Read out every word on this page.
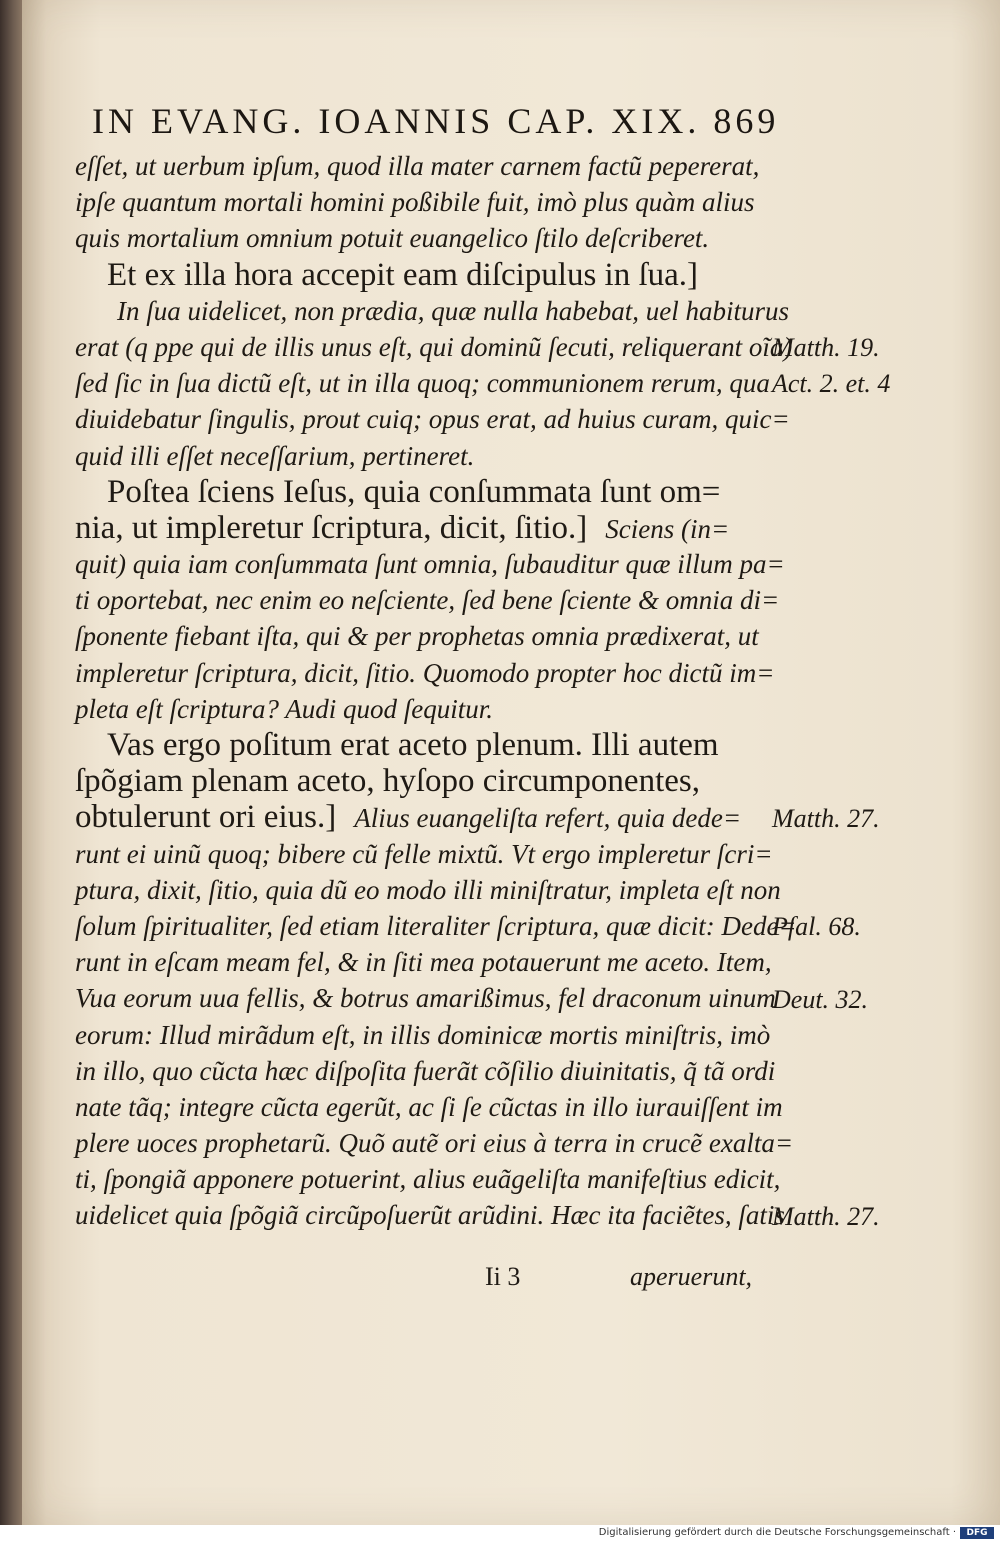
IN EVANG. IOANNIS CAP. XIX. 869
eſſet, ut uerbum ipſum, quod illa mater carnem factũ pepererat,
ipſe quantum mortali homini poßibile fuit, imò plus quàm alius
quis mortalium omnium potuit euangelico ſtilo deſcriberet.
Et ex illa hora accepit eam diſcipulus in ſua.]
In ſua uidelicet, non prædia, quæ nulla habebat, uel habiturus
erat (q ppe qui de illis unus eſt, qui dominũ ſecuti, reliquerant oĩa)
ſed ſic in ſua dictũ eſt, ut in illa quoq; communionem rerum, qua
diuidebatur ſingulis, prout cuiq; opus erat, ad huius curam, quic=
quid illi eſſet neceſſarium, pertineret.
Poſtea ſciens Ieſus, quia conſummata ſunt om=
nia, ut impleretur ſcriptura, dicit, ſitio.] Sciens (in=
quit) quia iam conſummata ſunt omnia, ſubauditur quæ illum pa=
ti oportebat, nec enim eo neſciente, ſed bene ſciente & omnia di=
ſponente fiebant iſta, qui & per prophetas omnia prædixerat, ut
impleretur ſcriptura, dicit, ſitio. Quomodo propter hoc dictũ im=
pleta eſt ſcriptura? Audi quod ſequitur.
Vas ergo poſitum erat aceto plenum. Illi autem
ſpõgiam plenam aceto, hyſopo circumponentes,
obtulerunt ori eius.] Alius euangeliſta refert, quia dede=
runt ei uinũ quoq; bibere cũ felle mixtũ. Vt ergo impleretur ſcri=
ptura, dixit, ſitio, quia dũ eo modo illi miniſtratur, impleta eſt non
ſolum ſpiritualiter, ſed etiam literaliter ſcriptura, quæ dicit: Dede=
runt in eſcam meam fel, & in ſiti mea potauerunt me aceto. Item,
Vua eorum uua fellis, & botrus amarißimus, fel draconum uinum
eorum: Illud mirãdum eſt, in illis dominicæ mortis miniſtris, imò
in illo, quo cũcta hæc diſpoſita fuerãt cõſilio diuinitatis, q̃ tã ordi
nate tãq; integre cũcta egerũt, ac ſi ſe cũctas in illo iurauiſſent im
plere uoces prophetarũ. Quõ autẽ ori eius à terra in crucẽ exalta=
ti, ſpongiã apponere potuerint, alius euãgeliſta manifeſtius edicit,
uidelicet quia ſpõgiã circũpoſuerũt arũdini. Hæc ita faciẽtes, ſatis
Matth. 19.
Act. 2. et. 4
Matth. 27.
Pſal. 68.
Deut. 32.
Matth. 27.
Ii 3	aperuerunt,
Digitalisierung gefördert durch die Deutsche Forschungsgemeinschaft ·	DFG
